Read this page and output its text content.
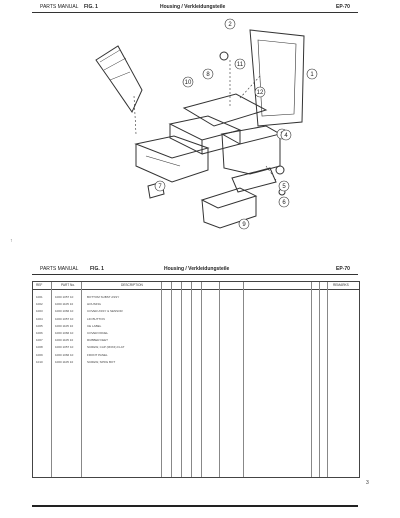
PARTS MANUAL FIG. 1	Housing / Verkleidungsteile	EP-70
1
2
4
5
6
7
8
9
10
11
12
↑
PARTS MANUAL FIG. 1	Housing / Verkleidungsteile	EP-70
REF	PART No.	DESCRIPTION	REMARKS
1001	1000 1057 10	BOTTOM SUBST ASSY
1002	1000 1105 10	HOUSING
1003	1000 1066 10	COVER ASSY & SENSOR
1004	1000 1057 10	LID BUTTON
1005	1000 1105 10	CE LABEL
1006	1000 1066 10	COVER PANEL
1007	1000 1105 10	RUBBER FEET
1008	1000 1057 10	SCREW, CAP (M3X4) FLAT
1009	1000 1066 10	FRONT PANEL
1010	1000 1105 10	SCREW, SPRG BOT
3
